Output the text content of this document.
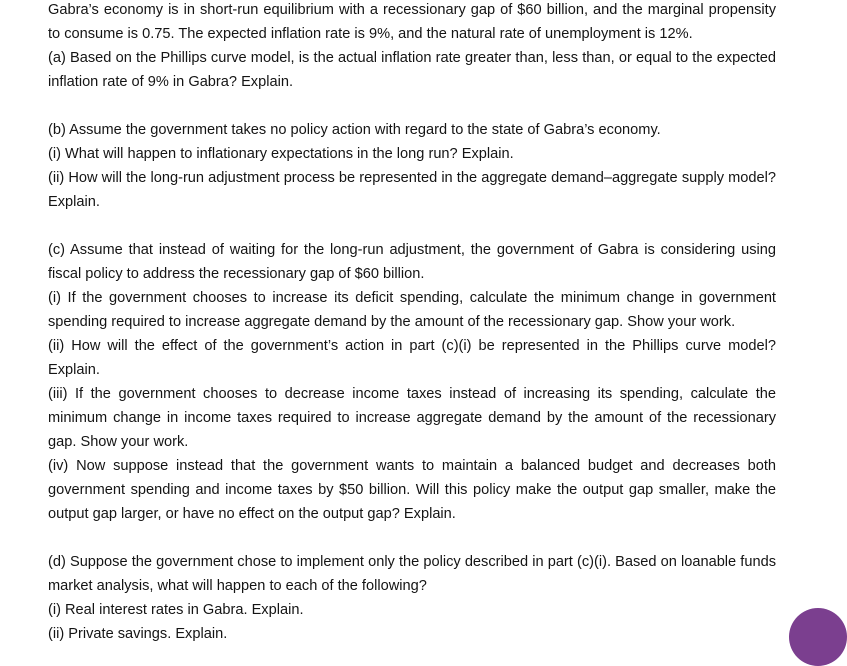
Gabra’s economy is in short-run equilibrium with a recessionary gap of $60 billion, and the marginal propensity to consume is 0.75. The expected inflation rate is 9%, and the natural rate of unemployment is 12%.

(a) Based on the Phillips curve model, is the actual inflation rate greater than, less than, or equal to the expected inflation rate of 9% in Gabra? Explain.

(b) Assume the government takes no policy action with regard to the state of Gabra’s economy.

(i) What will happen to inflationary expectations in the long run? Explain.

(ii) How will the long-run adjustment process be represented in the aggregate demand–aggregate supply model? Explain.

(c) Assume that instead of waiting for the long-run adjustment, the government of Gabra is considering using fiscal policy to address the recessionary gap of $60 billion.

(i) If the government chooses to increase its deficit spending, calculate the minimum change in government spending required to increase aggregate demand by the amount of the recessionary gap. Show your work.

(ii) How will the effect of the government’s action in part (c)(i) be represented in the Phillips curve model? Explain.

(iii) If the government chooses to decrease income taxes instead of increasing its spending, calculate the minimum change in income taxes required to increase aggregate demand by the amount of the recessionary gap. Show your work.

(iv) Now suppose instead that the government wants to maintain a balanced budget and decreases both government spending and income taxes by $50 billion. Will this policy make the output gap smaller, make the output gap larger, or have no effect on the output gap? Explain.

(d) Suppose the government chose to implement only the policy described in part (c)(i). Based on loanable funds market analysis, what will happen to each of the following?

(i) Real interest rates in Gabra. Explain.

(ii) Private savings. Explain.
